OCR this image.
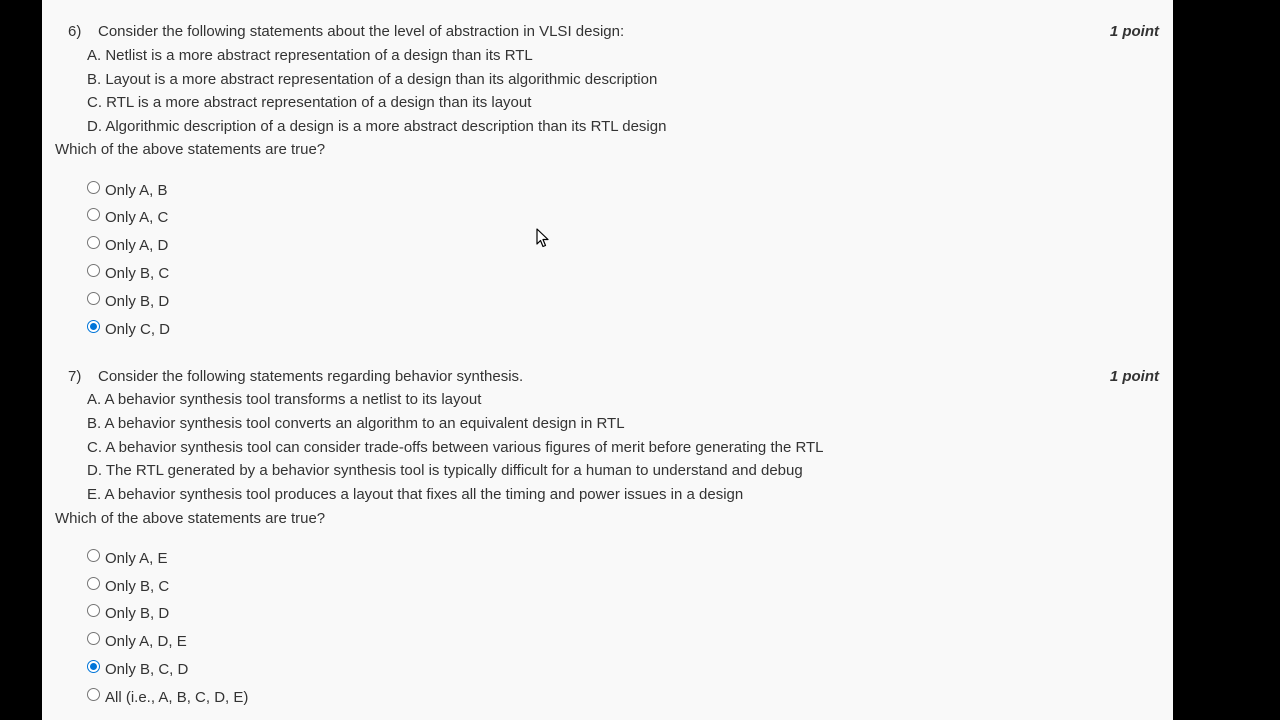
6) Consider the following statements about the level of abstraction in VLSI design:	1 point
A. Netlist is a more abstract representation of a design than its RTL
B. Layout is a more abstract representation of a design than its algorithmic description
C. RTL is a more abstract representation of a design than its layout
D. Algorithmic description of a design is a more abstract description than its RTL design
Which of the above statements are true?
Only A, B
Only A, C
Only A, D
Only B, C
Only B, D
Only C, D
7) Consider the following statements regarding behavior synthesis.	1 point
A. A behavior synthesis tool transforms a netlist to its layout
B. A behavior synthesis tool converts an algorithm to an equivalent design in RTL
C. A behavior synthesis tool can consider trade-offs between various figures of merit before generating the RTL
D. The RTL generated by a behavior synthesis tool is typically difficult for a human to understand and debug
E. A behavior synthesis tool produces a layout that fixes all the timing and power issues in a design
Which of the above statements are true?
Only A, E
Only B, C
Only B, D
Only A, D, E
Only B, C, D
All (i.e., A, B, C, D, E)
